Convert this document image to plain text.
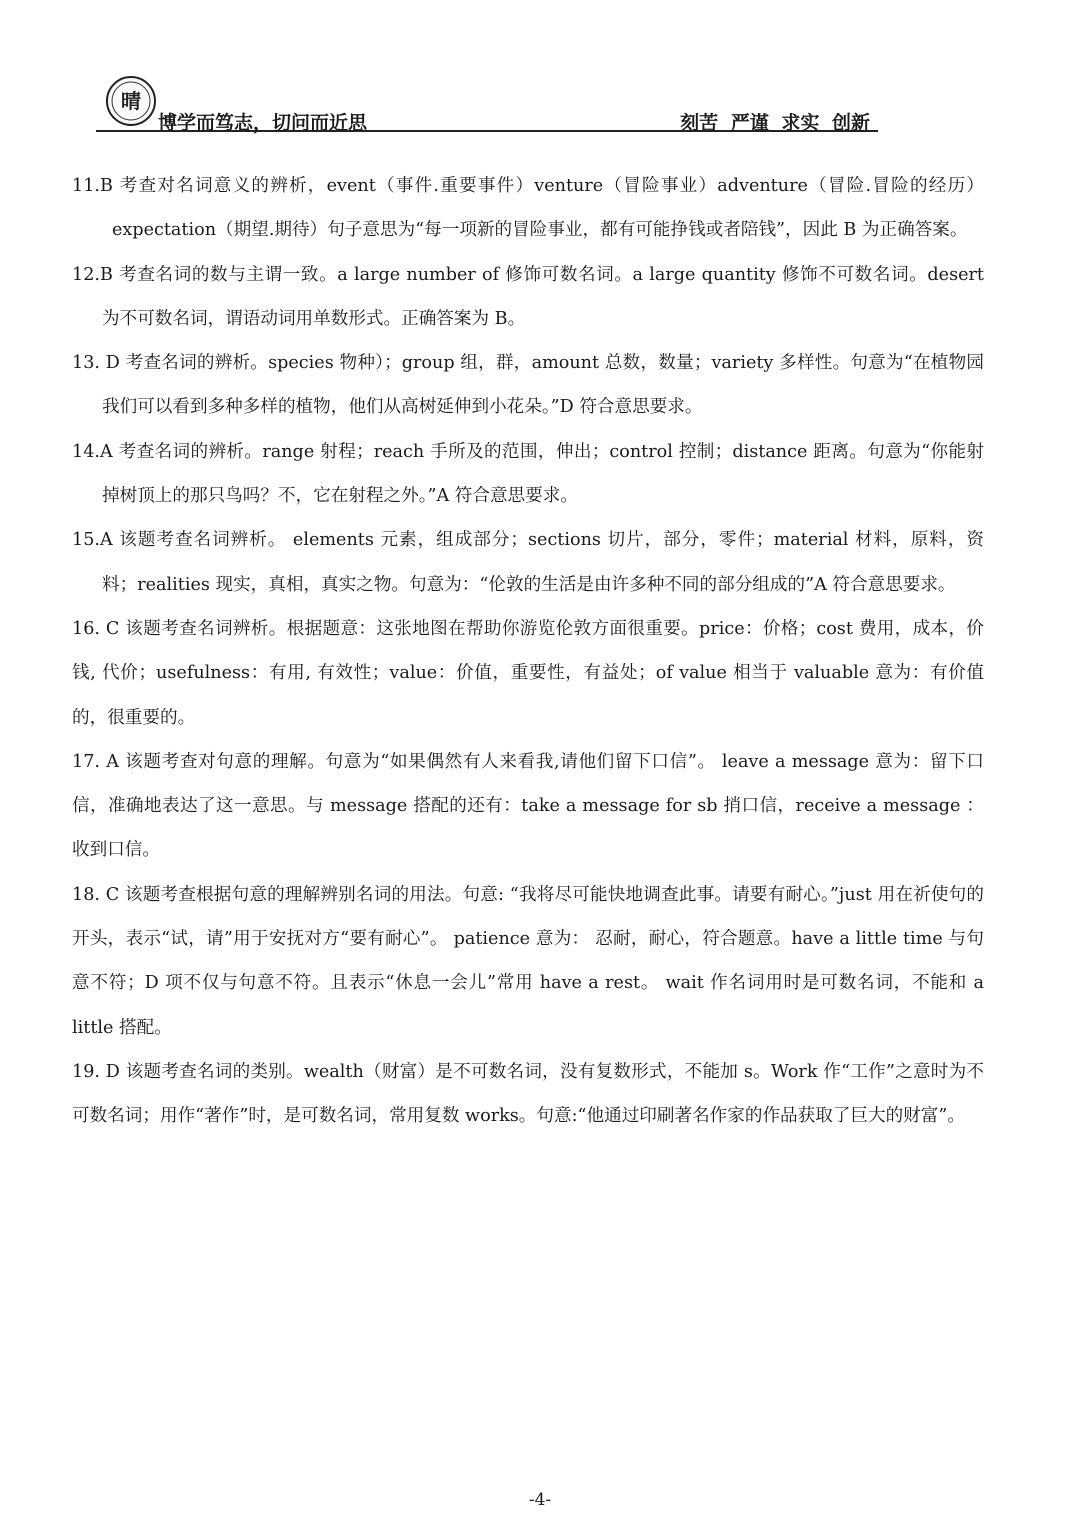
晴
博学而笃志，切问而近思	刻苦 严谨 求实 创新

11.B 考查对名词意义的辨析，event（事件.重要事件）venture（冒险事业）adventure（冒险.冒险的经历）expectation（期望.期待）句子意思为“每一项新的冒险事业，都有可能挣钱或者陪钱”，因此 B 为正确答案。

12.B 考查名词的数与主谓一致。a large number of 修饰可数名词。a large quantity 修饰不可数名词。desert 为不可数名词，谓语动词用单数形式。正确答案为 B。

13. D 考查名词的辨析。species 物种）；group 组，群，amount 总数，数量；variety 多样性。句意为“在植物园我们可以看到多种多样的植物，他们从高树延伸到小花朵。”D 符合意思要求。

14.A 考查名词的辨析。range 射程；reach 手所及的范围，伸出；control 控制；distance 距离。句意为“你能射掉树顶上的那只鸟吗？不，它在射程之外。”A 符合意思要求。

15.A 该题考查名词辨析。 elements 元素，组成部分；sections 切片，部分，零件；material 材料，原料，资料；realities 现实，真相，真实之物。句意为：“伦敦的生活是由许多种不同的部分组成的”A 符合意思要求。

16. C 该题考查名词辨析。根据题意：这张地图在帮助你游览伦敦方面很重要。price：价格；cost 费用，成本，价钱, 代价；usefulness：有用, 有效性；value：价值，重要性，有益处；of value 相当于 valuable 意为：有价值的，很重要的。

17. A 该题考查对句意的理解。句意为“如果偶然有人来看我,请他们留下口信”。 leave a message 意为：留下口信，准确地表达了这一意思。与 message 搭配的还有：take a message for sb 捎口信，receive a message ：收到口信。

18. C 该题考查根据句意的理解辨别名词的用法。句意: “我将尽可能快地调查此事。请要有耐心。”just 用在祈使句的开头，表示“试，请”用于安抚对方“要有耐心”。 patience 意为： 忍耐，耐心，符合题意。have a little time 与句意不符；D 项不仅与句意不符。且表示“休息一会儿”常用 have a rest。 wait 作名词用时是可数名词，不能和 a little 搭配。

19. D 该题考查名词的类别。wealth（财富）是不可数名词，没有复数形式，不能加 s。Work 作“工作”之意时为不可数名词；用作“著作”时，是可数名词，常用复数 works。句意:“他通过印刷著名作家的作品获取了巨大的财富”。

-4-
